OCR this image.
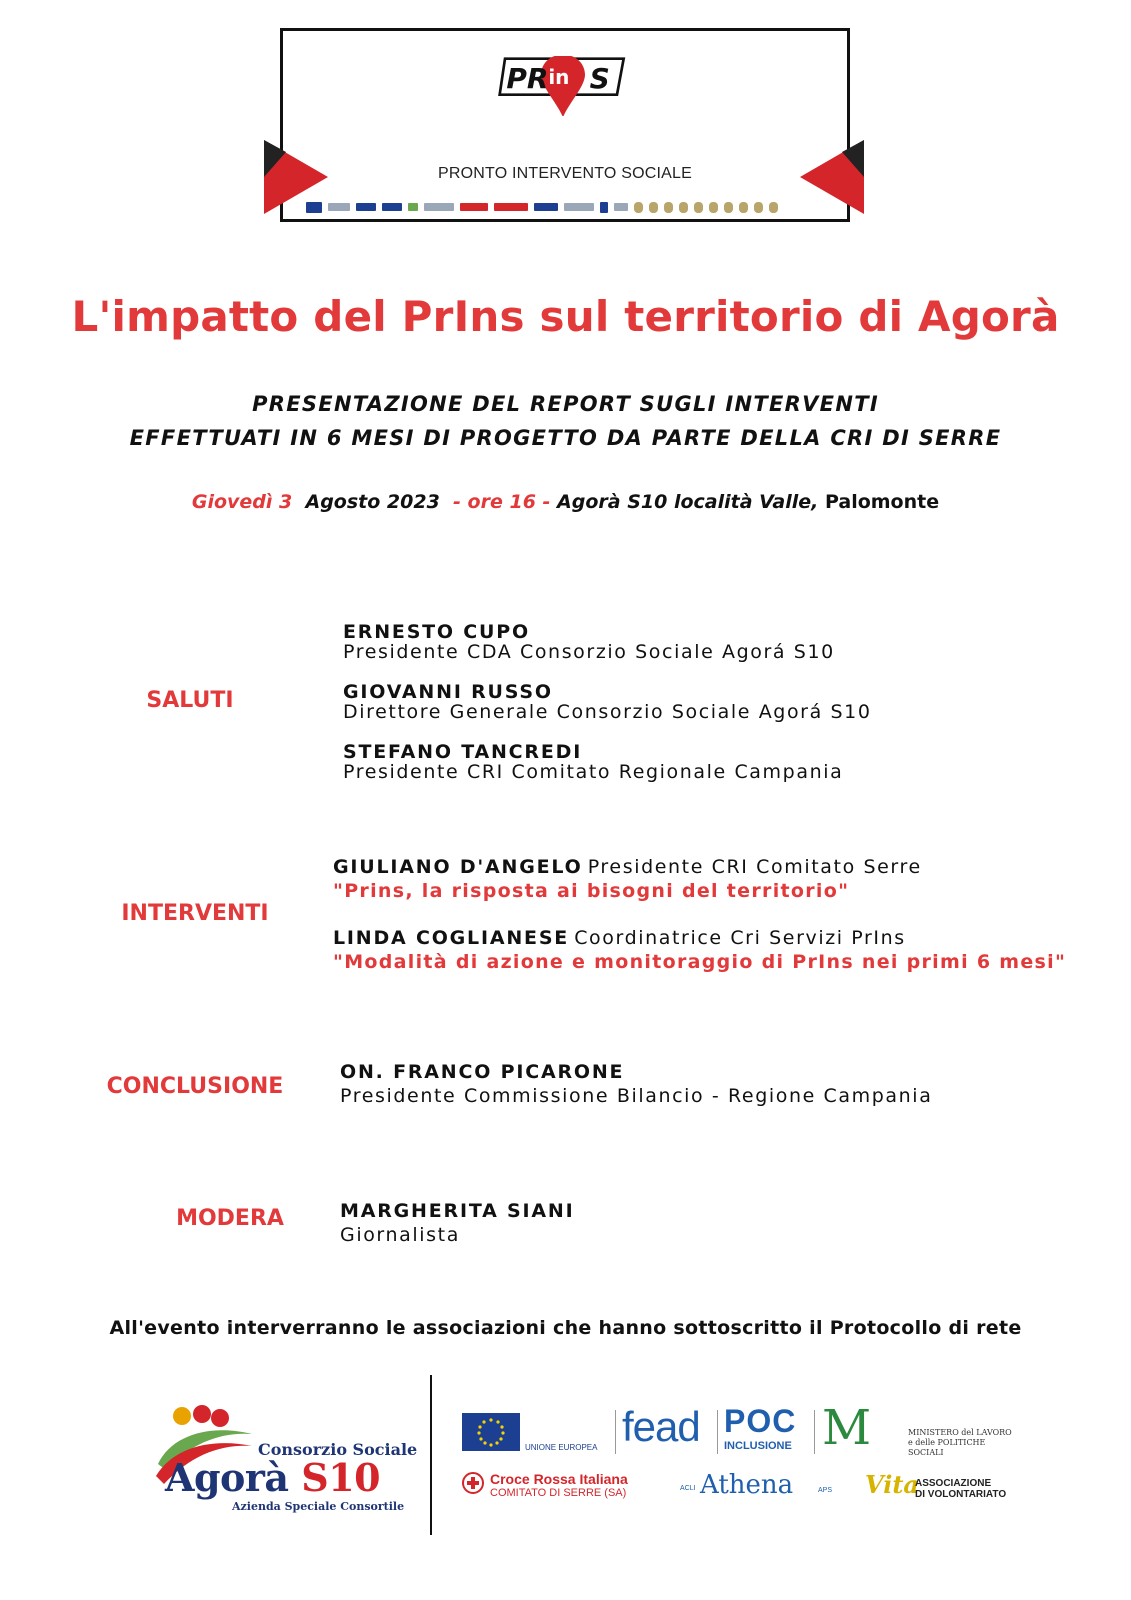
PR in S
PRONTO INTERVENTO SOCIALE
L'impatto del PrIns sul territorio di Agorà
PRESENTAZIONE DEL REPORT SUGLI INTERVENTI
EFFETTUATI IN 6 MESI DI PROGETTO DA PARTE DELLA CRI DI SERRE
Giovedì 3 Agosto 2023 - ore 16 - Agorà S10 località Valle, Palomonte
SALUTI
ERNESTO CUPO
Presidente CDA Consorzio Sociale Agorá S10
GIOVANNI RUSSO
Direttore Generale Consorzio Sociale Agorá S10
STEFANO TANCREDI
Presidente CRI Comitato Regionale Campania
INTERVENTI
GIULIANO D'ANGELO Presidente CRI Comitato Serre
"Prins, la risposta ai bisogni del territorio"
LINDA COGLIANESE Coordinatrice Cri Servizi PrIns
"Modalità di azione e monitoraggio di PrIns nei primi 6 mesi"
CONCLUSIONE
ON. FRANCO PICARONE
Presidente Commissione Bilancio - Regione Campania
MODERA	MARGHERITA SIANI
Giornalista
All'evento interverranno le associazioni che hanno sottoscritto il Protocollo di rete
Consorzio Sociale
Agorà S10
Azienda Speciale Consortile
UNIONE EUROPEA fead POC
INCLUSIONE M	MINISTERO del LAVORO e delle POLITICHE SOCIALI
Croce Rossa Italiana
COMITATO DI SERRE (SA)	ACLI Athena	APS Vita
ASSOCIAZIONE
DI VOLONTARIATO
